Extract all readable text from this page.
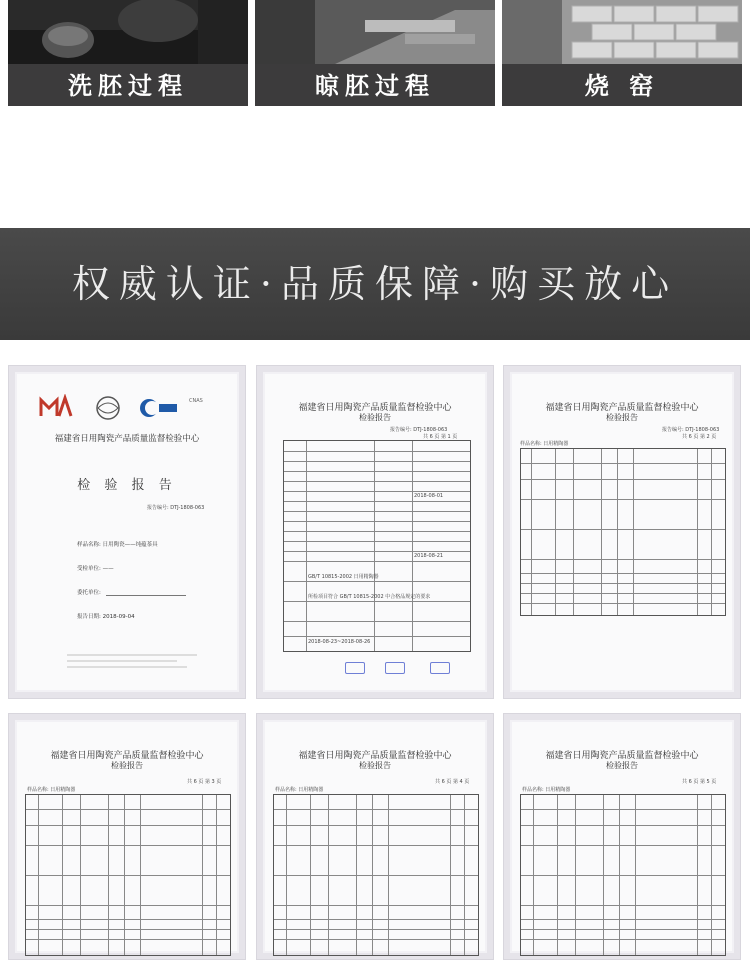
洗胚过程	晾胚过程	烧 窑
权威认证·品质保障·购买放心
CNAS
福建省日用陶瓷产品质量监督检验中心
检 验 报 告
报告编号: DTJ-1808-063
样品名称: 日用陶瓷——纯蕴茶具
受检单位: ——
委托单位:
报告日期: 2018-09-04
福建省日用陶瓷产品质量监督检验中心
检验报告
报告编号: DTJ-1808-063
共 6 页 第 1 页
2018-08-01
2018-08-21
GB/T 10815-2002 日用精陶器
所检项目符合 GB/T 10815-2002 中合格品规定的要求
2018-08-23~2018-08-26
福建省日用陶瓷产品质量监督检验中心
检验报告
报告编号: DTJ-1808-063
共 6 页 第 2 页
样品名称: 日用精陶器
福建省日用陶瓷产品质量监督检验中心
检验报告
共 6 页 第 3 页
样品名称: 日用精陶器
福建省日用陶瓷产品质量监督检验中心
检验报告
共 6 页 第 4 页
样品名称: 日用精陶器
福建省日用陶瓷产品质量监督检验中心
检验报告
共 6 页 第 5 页
样品名称: 日用精陶器
